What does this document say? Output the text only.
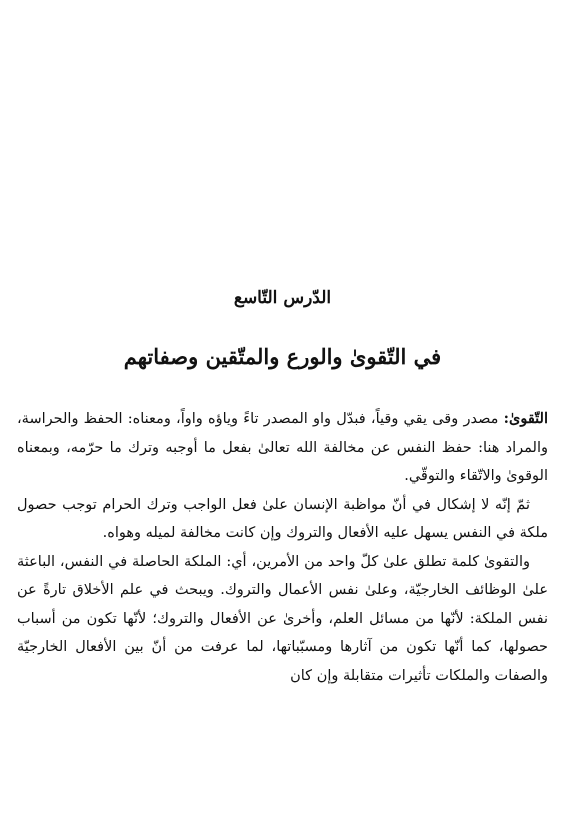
الدّرس التّاسع
في التّقوىٰ والورع والمتّقين وصفاتهم

التّقوىٰ: مصدر وقى يقي وقياً، فبدّل واو المصدر تاءً وياؤه واواً، ومعناه: الحفظ والحراسة، والمراد هنا: حفظ النفس عن مخالفة الله تعالىٰ بفعل ما أوجبه وترك ما حرّمه، وبمعناه الوقوىٰ والاتّقاء والتوقّي.

ثمّ إنّه لا إشكال في أنّ مواظبة الإنسان علىٰ فعل الواجب وترك الحرام توجب حصول ملكة في النفس يسهل عليه الأفعال والتروك وإن كانت مخالفة لميله وهواه.

والتقوىٰ كلمة تطلق علىٰ كلّ واحد من الأمرين، أي: الملكة الحاصلة في النفس، الباعثة علىٰ الوظائف الخارجيّة، وعلىٰ نفس الأعمال والتروك. ويبحث في علم الأخلاق تارةً عن نفس الملكة: لأنّها من مسائل العلم، وأخرىٰ عن الأفعال والتروك؛ لأنّها تكون من أسباب حصولها، كما أنّها تكون من آثارها ومسبّباتها، لما عرفت من أنّ بين الأفعال الخارجيّة والصفات والملكات تأثيرات متقابلة وإن كان
